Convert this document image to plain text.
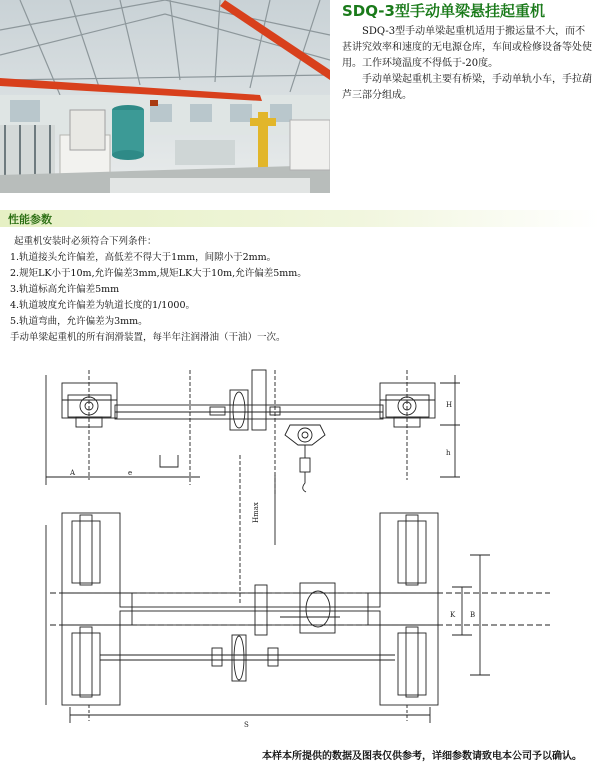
SDQ-3型手动单梁悬挂起重机

SDQ-3型手动单梁起重机适用于搬运量不大，而不甚讲究效率和速度的无电源仓库，车间或检修设备等处使用。工作环境温度不得低于-20度。

手动单梁起重机主要有桥梁，手动单轨小车，手拉葫芦三部分组成。

性能参数
起重机安装时必须符合下列条件：
1.轨道接头允许偏差，高低差不得大于1mm，间隙小于2mm。
2.规矩LK小于10m,允许偏差3mm,规矩LK大于10m,允许偏差5mm。
3.轨道标高允许偏差5mm
4.轨道坡度允许偏差为轨道长度的1/1000。
5.轨道弯曲，允许偏差为3mm。
手动单梁起重机的所有润滑装置，每半年注润滑油（干油）一次。
A	e
H
h
Hmax
K B
S
本样本所提供的数据及图表仅供参考，详细参数请致电本公司予以确认。
